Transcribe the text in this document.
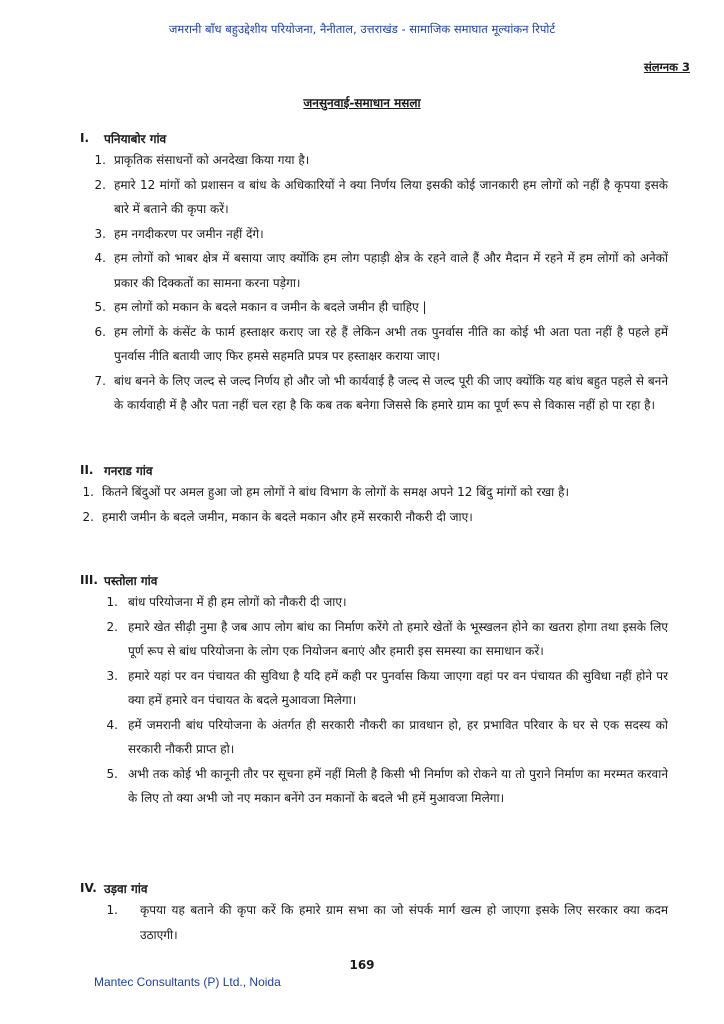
जमरानी बाँध बहुउद्देशीय परियोजना, नैनीताल, उत्तराखंड - सामाजिक समाघात मूल्यांकन रिपोर्ट
संलग्नक 3
जनसुनवाई-समाधान मसला
I.	पनियाबोर गांव
1. प्राकृतिक संसाधनों को अनदेखा किया गया है।
2. हमारे 12 मांगों को प्रशासन व बांध के अधिकारियों ने क्या निर्णय लिया इसकी कोई जानकारी हम लोगों को नहीं है कृपया इसके बारे में बताने की कृपा करें।
3. हम नगदीकरण पर जमीन नहीं देंगे।
4. हम लोगों को भाबर क्षेत्र में बसाया जाए क्योंकि हम लोग पहाड़ी क्षेत्र के रहने वाले हैं और मैदान में रहने में हम लोगों को अनेकों प्रकार की दिक्कतों का सामना करना पड़ेगा।
5. हम लोगों को मकान के बदले मकान व जमीन के बदले जमीन ही चाहिए |
6. हम लोगों के कंसेंट के फार्म हस्ताक्षर कराए जा रहे हैं लेकिन अभी तक पुनर्वास नीति का कोई भी अता पता नहीं है पहले हमें पुनर्वास नीति बतायी जाए फिर हमसे सहमति प्रपत्र पर हस्ताक्षर कराया जाए।
7. बांध बनने के लिए जल्द से जल्द निर्णय हो और जो भी कार्यवाई है जल्द से जल्द पूरी की जाए क्योंकि यह बांध बहुत पहले से बनने के कार्यवाही में है और पता नहीं चल रहा है कि कब तक बनेगा जिससे कि हमारे ग्राम का पूर्ण रूप से विकास नहीं हो पा रहा है।
II. गनराड गांव
1. कितने बिंदुओं पर अमल हुआ जो हम लोगों ने बांध विभाग के लोगों के समक्ष अपने 12 बिंदु मांगों को रखा है।
2. हमारी जमीन के बदले जमीन, मकान के बदले मकान और हमें सरकारी नौकरी दी जाए।
III. पस्तोला गांव
1. बांध परियोजना में ही हम लोगों को नौकरी दी जाए।
2. हमारे खेत सीढ़ी नुमा है जब आप लोग बांध का निर्माण करेंगे तो हमारे खेतों के भूस्खलन होने का खतरा होगा तथा इसके लिए पूर्ण रूप से बांध परियोजना के लोग एक नियोजन बनाएं और हमारी इस समस्या का समाधान करें।
3. हमारे यहां पर वन पंचायत की सुविधा है यदि हमें कही पर पुनर्वास किया जाएगा वहां पर वन पंचायत की सुविधा नहीं होने पर क्या हमें हमारे वन पंचायत के बदले मुआवजा मिलेगा।
4. हमें जमरानी बांध परियोजना के अंतर्गत ही सरकारी नौकरी का प्रावधान हो, हर प्रभावित परिवार के घर से एक सदस्य को सरकारी नौकरी प्राप्त हो।
5. अभी तक कोई भी कानूनी तौर पर सूचना हमें नहीं मिली है किसी भी निर्माण को रोकने या तो पुराने निर्माण का मरम्मत करवाने के लिए तो क्या अभी जो नए मकान बनेंगे उन मकानों के बदले भी हमें मुआवजा मिलेगा।
IV. उड़वा गांव
1. कृपया यह बताने की कृपा करें कि हमारे ग्राम सभा का जो संपर्क मार्ग खत्म हो जाएगा इसके लिए सरकार क्या कदम उठाएगी।
169
Mantec Consultants (P) Ltd., Noida
